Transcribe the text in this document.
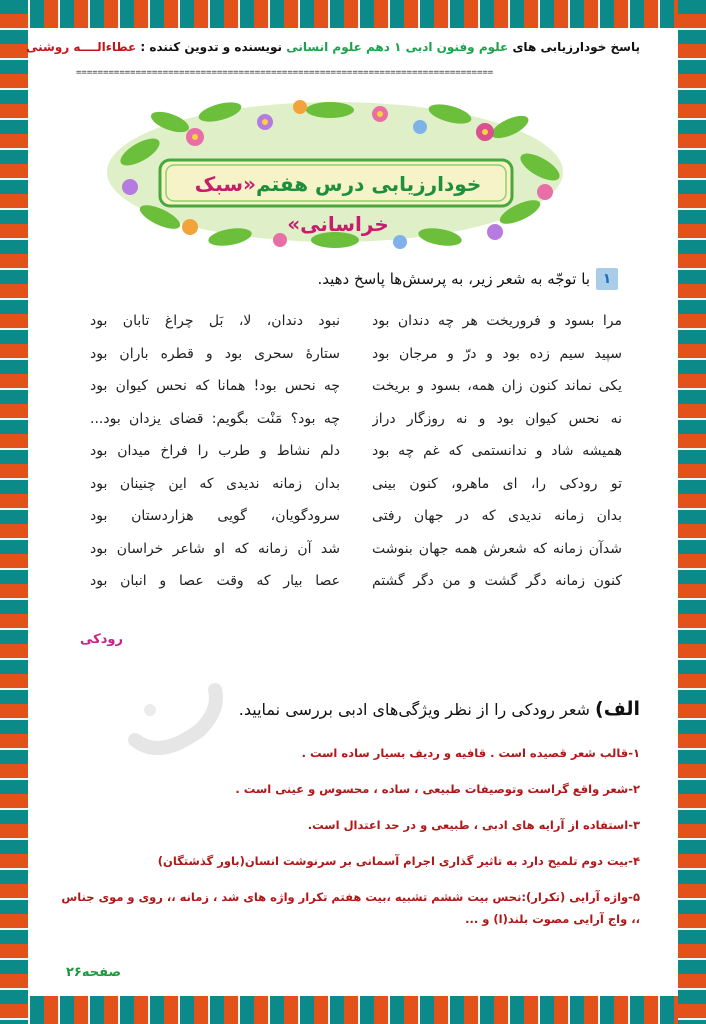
پاسخ خودارزیابی های علوم وفنون ادبی ۱ دهم علوم انسانی نویسنده و تدوین کننده : عطاءالــــه روشنی
=============================================================================
خودارزیابی درس هفتم«سبک خراسانی»
۱
با توجّه به شعر زیر، به پرسش‌ها پاسخ دهید.
مرا بسود و فروریخت هر چه دندان بود
سپید سیم زده بود و درّ و مرجان بود
یکی نماند کنون زان همه، بسود و بریخت
نه نحس کیوان بود و نه روزگار دراز
همیشه شاد و ندانستمی که غم چه بود
تو رودکی را، ای ماهرو، کنون بینی
بدان زمانه ندیدی که در جهان رفتی
شدآن زمانه که شعرش همه جهان بنوشت
کنون زمانه دگر گشت و من دگر گشتم
نبود دندان، لا، بَل چراغ تابان بود
ستارهٔ سحری بود و قطره باران بود
چه نحس بود! همانا که نحس کیوان بود
چه بود؟ مَنْت بگویم: قضای یزدان بود...
دلم نشاط و طرب را فراخ میدان بود
بدان زمانه ندیدی که این چنینان بود
سرودگویان، گویی هزاردستان بود
شد آن زمانه که او شاعر خراسان بود
عصا بیار که وقت عصا و انبان بود
رودکی
الف) شعر رودکی را از نظر ویژگی‌های ادبی بررسی نمایید.
۱-قالب شعر قصیده است . قافیه و ردیف بسیار ساده است .
۲-شعر واقع گراست وتوصیفات طبیعی ، ساده ، محسوس و عینی است .
۳-استفاده از آرایه های ادبی ، طبیعی و در حد اعتدال است.
۴-بیت دوم تلمیح دارد به تاثیر گذاری اجرام آسمانی بر سرنوشت انسان(باور گذشتگان)
۵-واژه آرایی (تکرار):نحس بیت ششم تشبیه ،بیت هفتم تکرار واژه های شد ، زمانه ،، روی و موی جناس ،، واج آرایی مصوت بلند(ا) و ...
صفحه۲۶
